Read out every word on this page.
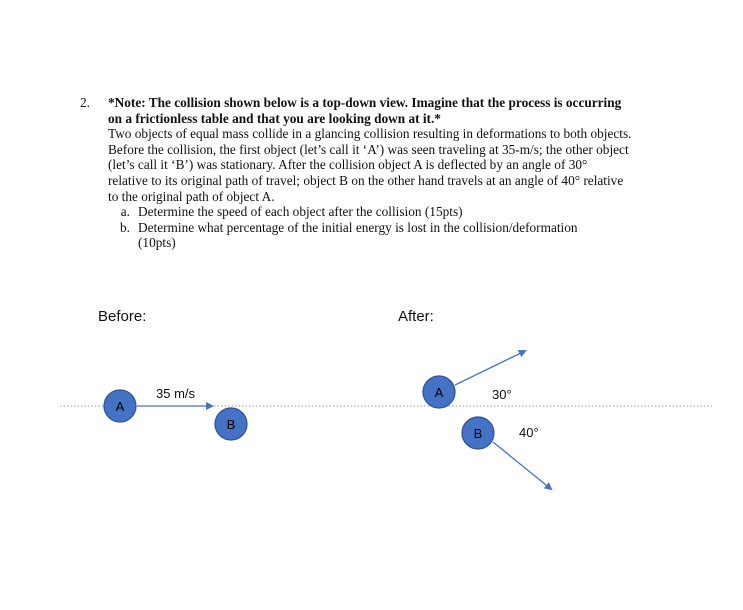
2. *Note: The collision shown below is a top-down view. Imagine that the process is occurring
on a frictionless table and that you are looking down at it.*
Two objects of equal mass collide in a glancing collision resulting in deformations to both objects.
Before the collision, the first object (let’s call it ‘A’) was seen traveling at 35-m/s; the other object
(let’s call it ‘B’) was stationary. After the collision object A is deflected by an angle of 30°
relative to its original path of travel; object B on the other hand travels at an angle of 40° relative
to the original path of object A.
a. Determine the speed of each object after the collision (15pts)
b. Determine what percentage of the initial energy is lost in the collision/deformation
(10pts)
Before:	After:
35 m/s
A
B
A
B
30°
40°
